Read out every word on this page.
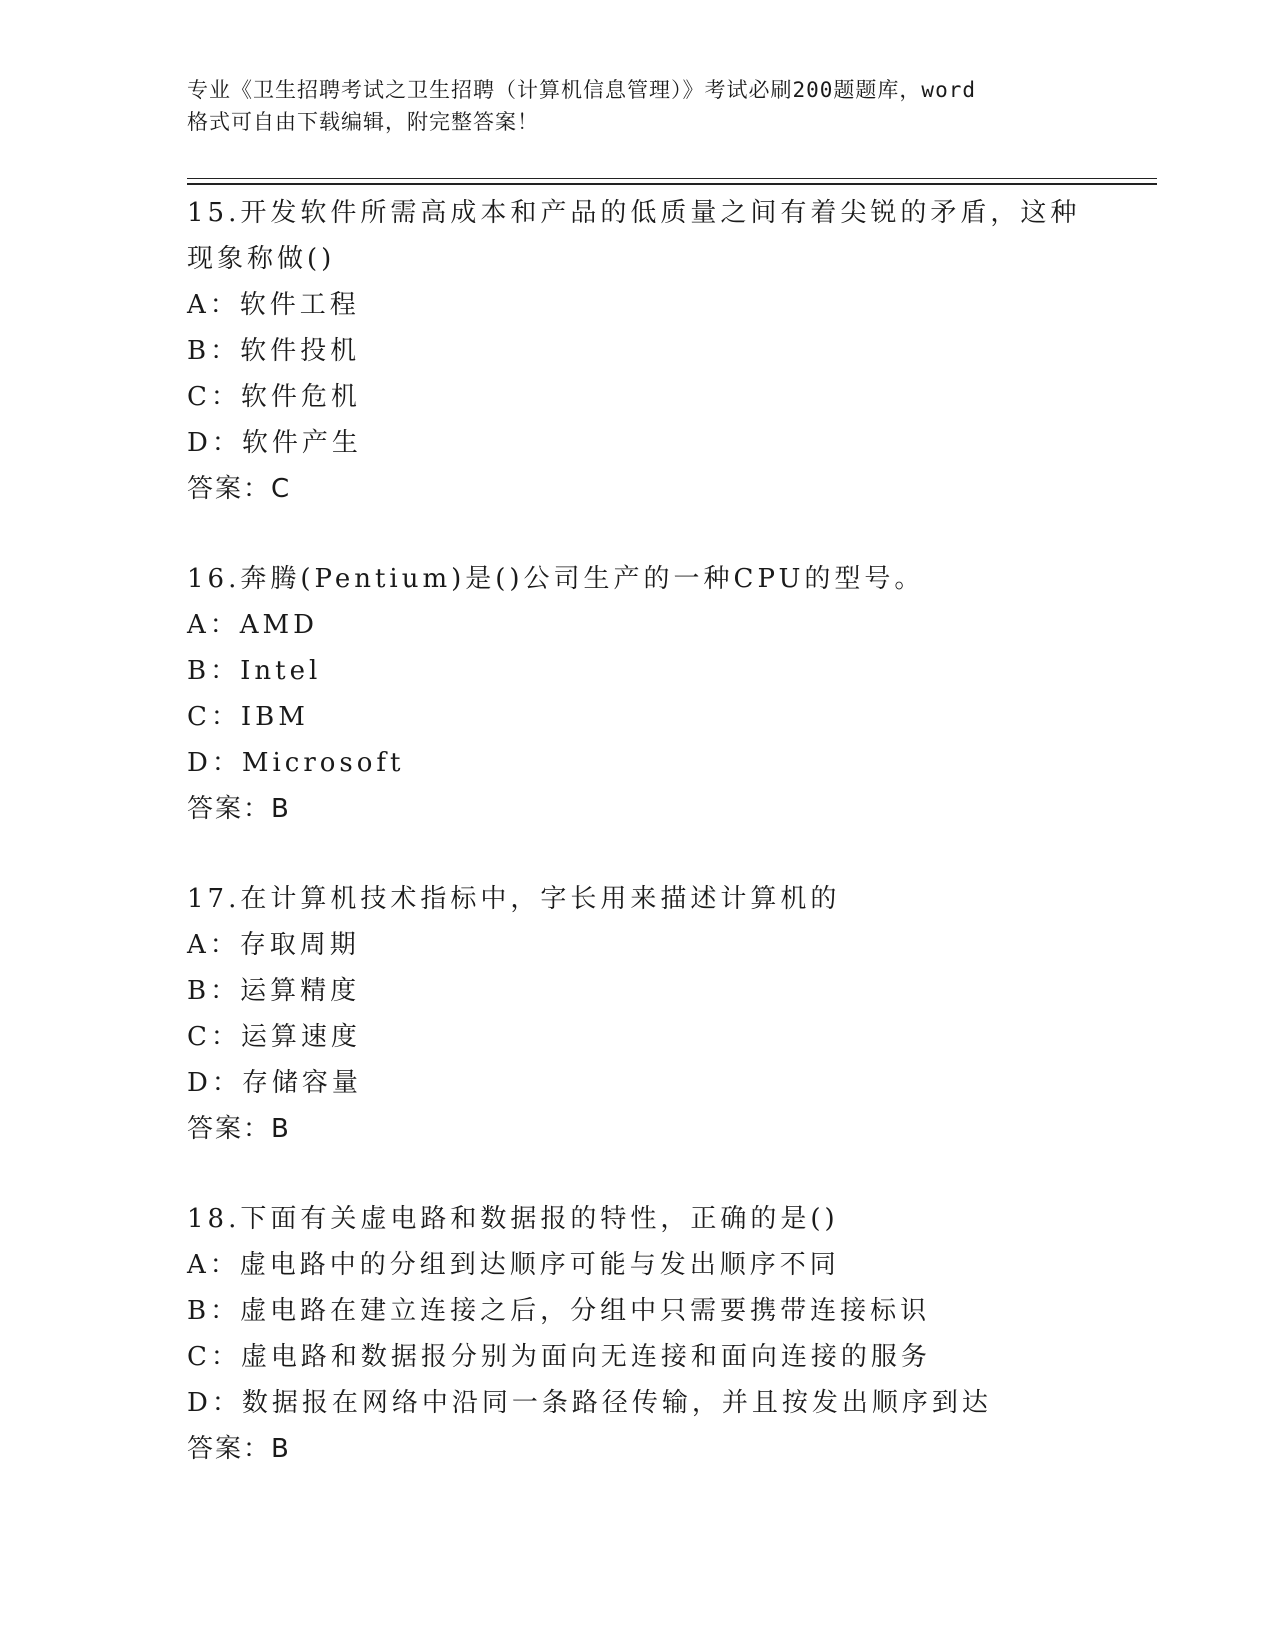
专业《卫生招聘考试之卫生招聘（计算机信息管理）》考试必刷200题题库，word
格式可自由下载编辑，附完整答案！
15.开发软件所需高成本和产品的低质量之间有着尖锐的矛盾，这种现象称做()
A：软件工程
B：软件投机
C：软件危机
D：软件产生
答案：C
16.奔腾(Pentium)是()公司生产的一种CPU的型号。
A：AMD
B：Intel
C：IBM
D：Microsoft
答案：B
17.在计算机技术指标中，字长用来描述计算机的
A：存取周期
B：运算精度
C：运算速度
D：存储容量
答案：B
18.下面有关虚电路和数据报的特性，正确的是()
A：虚电路中的分组到达顺序可能与发出顺序不同
B：虚电路在建立连接之后，分组中只需要携带连接标识
C：虚电路和数据报分别为面向无连接和面向连接的服务
D：数据报在网络中沿同一条路径传输，并且按发出顺序到达
答案：B
